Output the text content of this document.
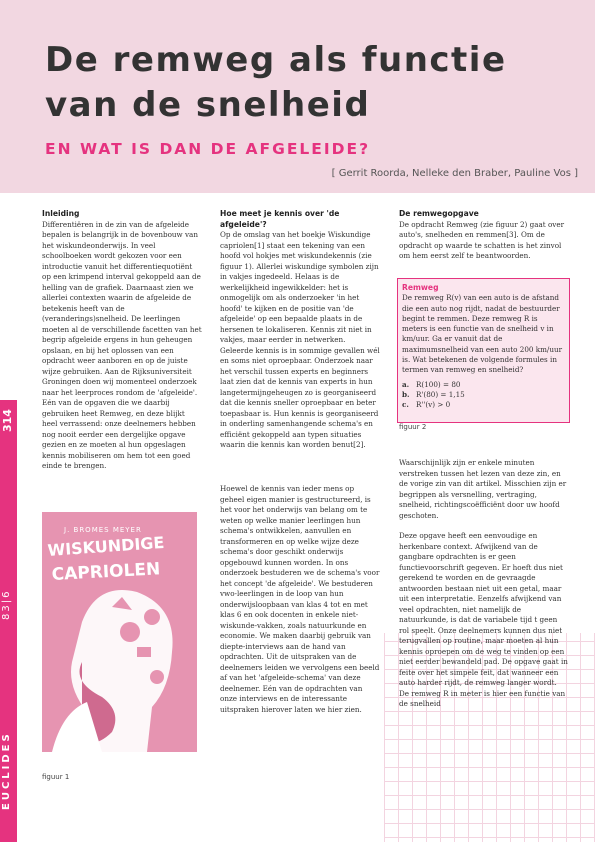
De remweg als functie van de snelheid
EN WAT IS DAN DE AFGELEIDE?
[ Gerrit Roorda, Nelleke den Braber, Pauline Vos ]
314
83|6
EUCLIDES
Inleiding

Differentiëren in de zin van de afgeleide bepalen is belangrijk in de bovenbouw van het wiskundeonderwijs. In veel schoolboeken wordt gekozen voor een introductie vanuit het differentiequotiënt op een krimpend interval gekoppeld aan de helling van de grafiek. Daarnaast zien we allerlei contexten waarin de afgeleide de betekenis heeft van de (veranderings)snelheid. De leerlingen moeten al de verschillende facetten van het begrip afgeleide ergens in hun geheugen opslaan, en bij het oplossen van een opdracht weer aanboren en op de juiste wijze gebruiken. Aan de Rijksuniversiteit Groningen doen wij momenteel onderzoek naar het leerproces rondom de 'afgeleide'. Eén van de opgaven die we daarbij gebruiken heet Remweg, en deze blijkt heel verrassend: onze deelnemers hebben nog nooit eerder een dergelijke opgave gezien en ze moeten al hun opgeslagen kennis mobiliseren om hem tot een goed einde te brengen.

J. BROMES MEYER
WISKUNDIGE
CAPRIOLEN
figuur 1
Hoe meet je kennis over 'de afgeleide'?

Op de omslag van het boekje Wiskundige capriolen[1] staat een tekening van een hoofd vol hokjes met wiskundekennis (zie figuur 1). Allerlei wiskundige symbolen zijn in vakjes ingedeeld. Helaas is de werkelijkheid ingewikkelder: het is onmogelijk om als onderzoeker 'in het hoofd' te kijken en de positie van 'de afgeleide' op een bepaalde plaats in de hersenen te lokaliseren. Kennis zit niet in vakjes, maar eerder in netwerken. Geleerde kennis is in sommige gevallen wél en soms niet oproepbaar. Onderzoek naar het verschil tussen experts en beginners laat zien dat de kennis van experts in hun langetermijngeheugen zo is georganiseerd dat die kennis sneller oproepbaar en beter toepasbaar is. Hun kennis is georganiseerd in onderling samenhangende schema's en efficiënt gekoppeld aan typen situaties waarin die kennis kan worden benut[2].

Hoewel de kennis van ieder mens op geheel eigen manier is gestructureerd, is het voor het onderwijs van belang om te weten op welke manier leerlingen hun schema's ontwikkelen, aanvullen en transformeren en op welke wijze deze schema's door geschikt onderwijs opgebouwd kunnen worden. In ons onderzoek bestuderen we de schema's voor het concept 'de afgeleide'. We bestuderen vwo-leerlingen in de loop van hun onderwijsloopbaan van klas 4 tot en met klas 6 en ook docenten in enkele niet-wiskunde-vakken, zoals natuurkunde en economie. We maken daarbij gebruik van diepte-interviews aan de hand van opdrachten. Uit de uitspraken van de deelnemers leiden we vervolgens een beeld af van het 'afgeleide-schema' van deze deelnemer. Eén van de opdrachten van onze interviews en de interessante uitspraken hierover laten we hier zien.

De remwegopgave

De opdracht Remweg (zie figuur 2) gaat over auto's, snelheden en remmen[3]. Om de opdracht op waarde te schatten is het zinvol om hem eerst zelf te beantwoorden.

Remweg
De remweg R(v) van een auto is de afstand die een auto nog rijdt, nadat de bestuurder begint te remmen. Deze remweg R is meters is een functie van de snelheid v in km/uur. Ga er vanuit dat de maximumsnelheid van een auto 200 km/uur is. Wat betekenen de volgende formules in termen van remweg en snelheid?
a. R(100) = 80
b. R'(80) = 1,15
c. R''(v) > 0
figuur 2

Waarschijnlijk zijn er enkele minuten verstreken tussen het lezen van deze zin, en de vorige zin van dit artikel. Misschien zijn er begrippen als versnelling, vertraging, snelheid, richtingscoëfficiënt door uw hoofd geschoten.

Deze opgave heeft een eenvoudige en herkenbare context. Afwijkend van de gangbare opdrachten is er geen functievoorschrift gegeven. Er hoeft dus niet gerekend te worden en de gevraagde antwoorden bestaan niet uit een getal, maar uit een interpretatie. Eenzelfs afwijkend van veel opdrachten, niet namelijk de natuurkunde, is dat de variabele tijd t geen rol speelt. Onze deelnemers kunnen dus niet terugvallen op routine, maar moeten al hun kennis oproepen om de weg te vinden op een niet eerder bewandeld pad. De opgave gaat in feite over het simpele feit, dat wanneer een auto harder rijdt, de remweg langer wordt. De remweg R in meter is hier een functie van de snelheid
